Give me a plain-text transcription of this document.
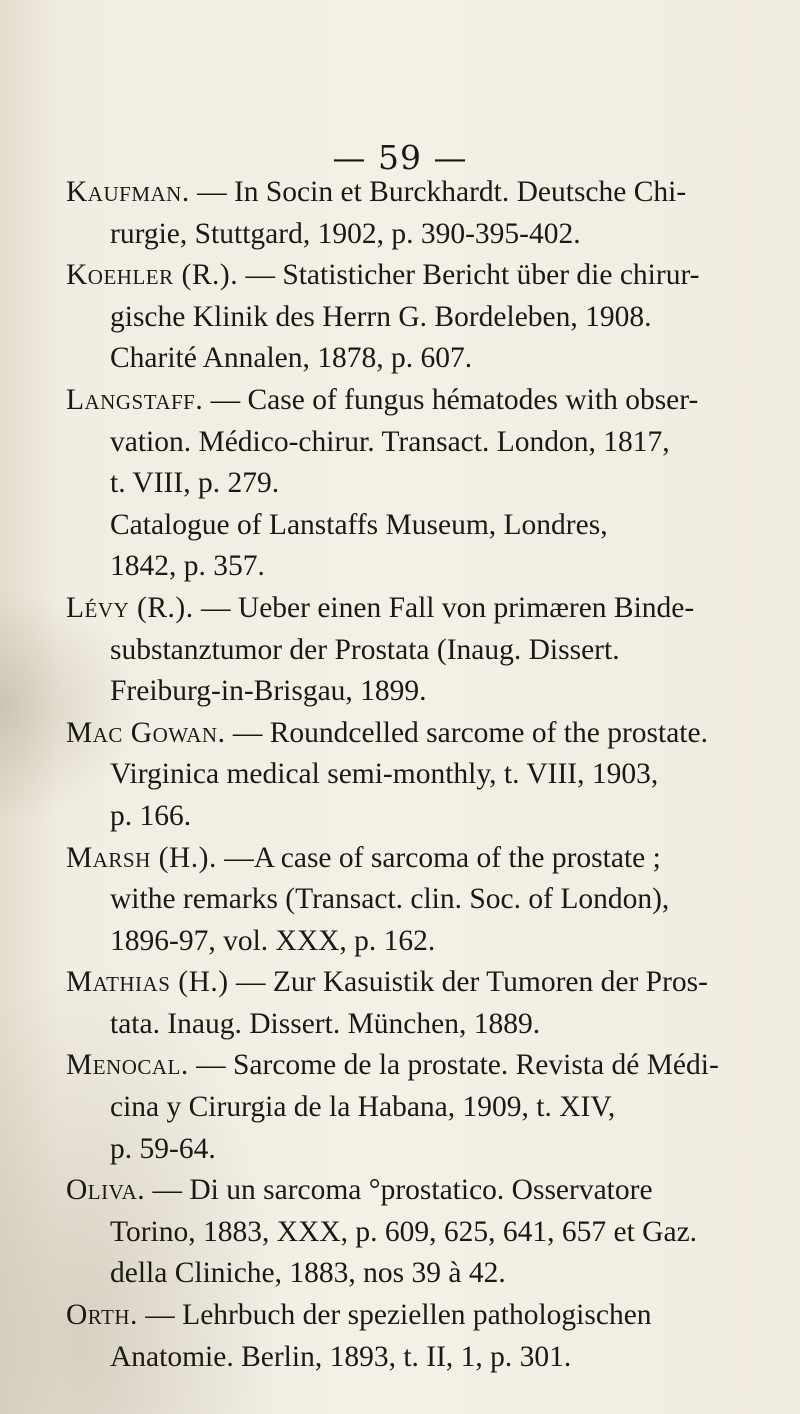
— 59 —

Kaufman. — In Socin et Burckhardt. Deutsche Chi-
rurgie, Stuttgard, 1902, p. 390-395-402.

Koehler (R.). — Statisticher Bericht über die chirur-
gische Klinik des Herrn G. Bordeleben, 1908.
Charité Annalen, 1878, p. 607.

Langstaff. — Case of fungus hématodes with obser-
vation. Médico-chirur. Transact. London, 1817,
t. VIII, p. 279.

Catalogue of Lanstaffs Museum, Londres,
1842, p. 357.

Lévy (R.). — Ueber einen Fall von primæren Binde-
substanztumor der Prostata (Inaug. Dissert.
Freiburg-in-Brisgau, 1899.

Mac Gowan. — Roundcelled sarcome of the prostate.
Virginica medical semi-monthly, t. VIII, 1903,
p. 166.

Marsh (H.). —A case of sarcoma of the prostate ;
withe remarks (Transact. clin. Soc. of London),
1896-97, vol. XXX, p. 162.

Mathias (H.) — Zur Kasuistik der Tumoren der Pros-
tata. Inaug. Dissert. München, 1889.

Menocal. — Sarcome de la prostate. Revista dé Médi-
cina y Cirurgia de la Habana, 1909, t. XIV,
p. 59-64.

Oliva. — Di un sarcoma °prostatico. Osservatore
Torino, 1883, XXX, p. 609, 625, 641, 657 et Gaz.
della Cliniche, 1883, nos 39 à 42.

Orth. — Lehrbuch der speziellen pathologischen
Anatomie. Berlin, 1893, t. II, 1, p. 301.
